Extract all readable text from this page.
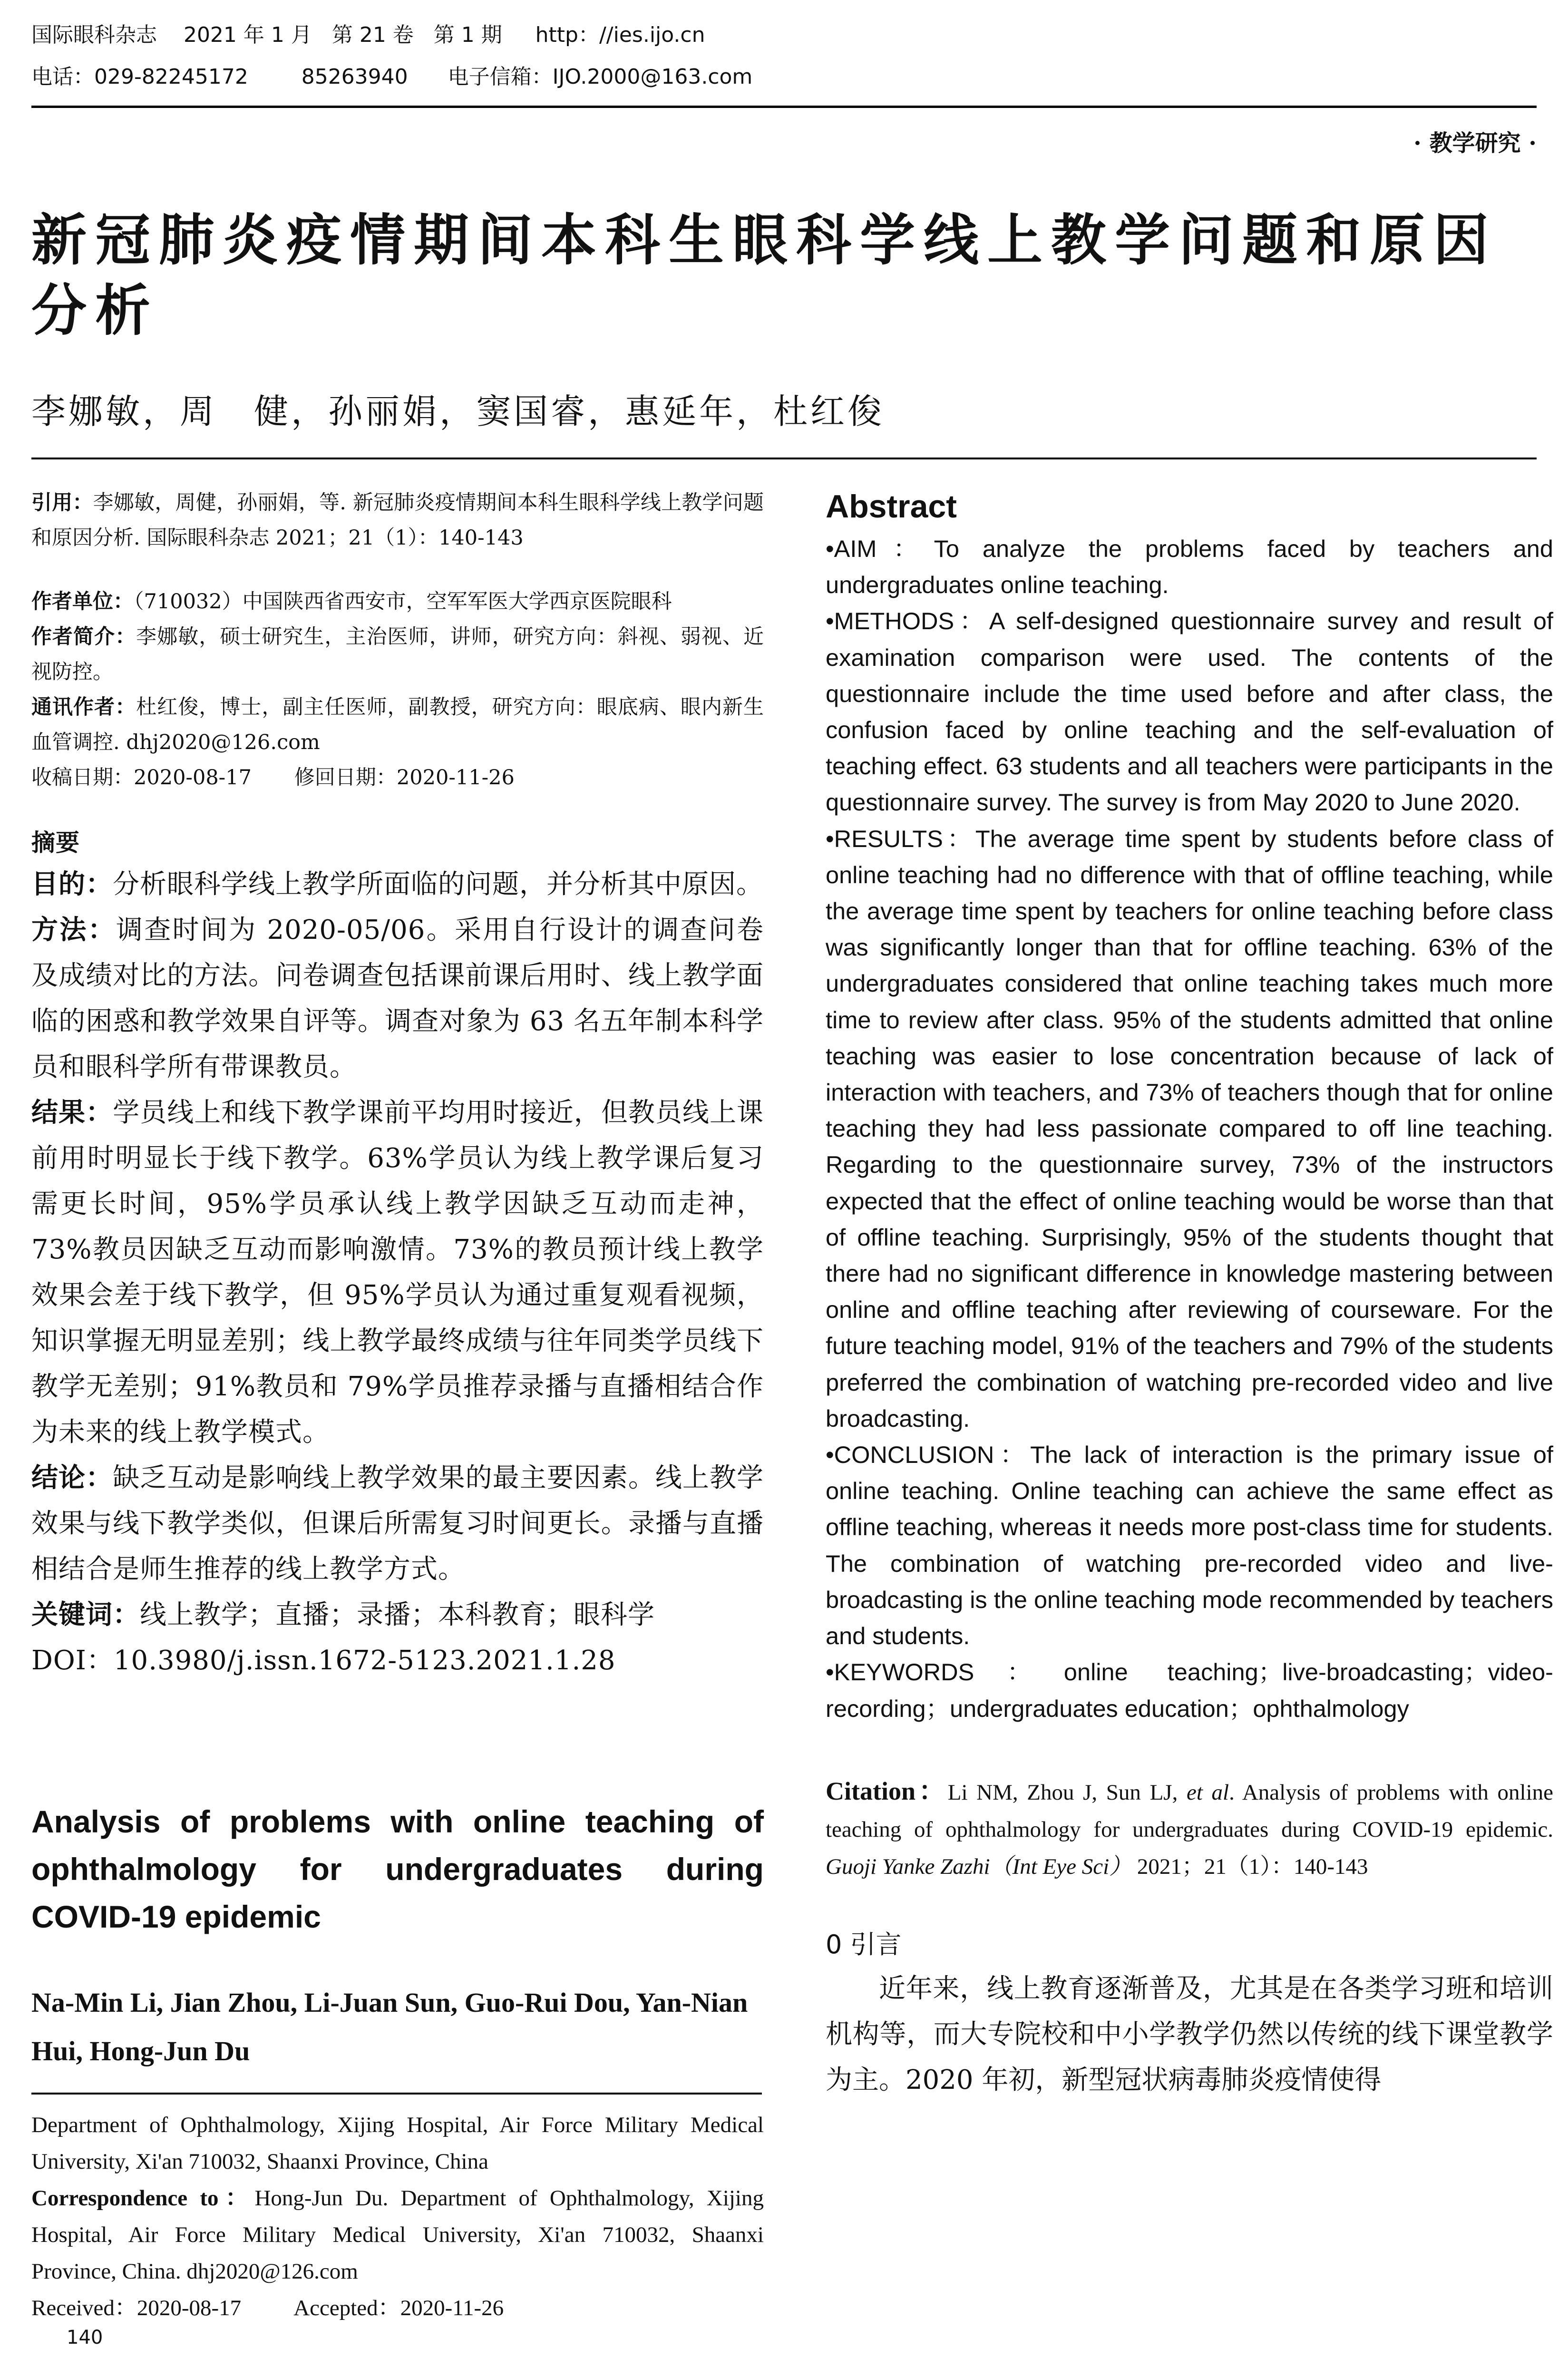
国际眼科杂志    2021 年 1 月   第 21 卷   第 1 期     http：//ies.ijo.cn
电话：029-82245172        85263940      电子信箱：IJO.2000@163.com
· 教学研究 ·
新冠肺炎疫情期间本科生眼科学线上教学问题和原因分析
李娜敏，周　健，孙丽娟，窦国睿，惠延年，杜红俊

引用：李娜敏，周健，孙丽娟，等. 新冠肺炎疫情期间本科生眼科学线上教学问题和原因分析. 国际眼科杂志 2021；21（1）：140-143

作者单位：（710032）中国陕西省西安市，空军军医大学西京医院眼科

作者简介：李娜敏，硕士研究生，主治医师，讲师，研究方向：斜视、弱视、近视防控。

通讯作者：杜红俊，博士，副主任医师，副教授，研究方向：眼底病、眼内新生血管调控. dhj2020@126.com

收稿日期：2020-08-17 修回日期：2020-11-26

摘要

目的：分析眼科学线上教学所面临的问题，并分析其中原因。

方法：调查时间为 2020-05/06。采用自行设计的调查问卷及成绩对比的方法。问卷调查包括课前课后用时、线上教学面临的困惑和教学效果自评等。调查对象为 63 名五年制本科学员和眼科学所有带课教员。

结果：学员线上和线下教学课前平均用时接近，但教员线上课前用时明显长于线下教学。63%学员认为线上教学课后复习需更长时间，95%学员承认线上教学因缺乏互动而走神，73%教员因缺乏互动而影响激情。73%的教员预计线上教学效果会差于线下教学，但 95%学员认为通过重复观看视频，知识掌握无明显差别；线上教学最终成绩与往年同类学员线下教学无差别；91%教员和 79%学员推荐录播与直播相结合作为未来的线上教学模式。

结论：缺乏互动是影响线上教学效果的最主要因素。线上教学效果与线下教学类似，但课后所需复习时间更长。录播与直播相结合是师生推荐的线上教学方式。

关键词：线上教学；直播；录播；本科教育；眼科学

DOI：10.3980/j.issn.1672-5123.2021.1.28

Analysis of problems with online teaching of ophthalmology for undergraduates during COVID-19 epidemic
Na-Min Li, Jian Zhou, Li-Juan Sun, Guo-Rui Dou, Yan-Nian Hui, Hong-Jun Du

Department of Ophthalmology, Xijing Hospital, Air Force Military Medical University, Xi'an 710032, Shaanxi Province, China

Correspondence to：Hong-Jun Du. Department of Ophthalmology, Xijing Hospital, Air Force Military Medical University, Xi'an 710032, Shaanxi Province, China. dhj2020@126.com

Received：2020-08-17 Accepted：2020-11-26

140

Abstract

•AIM：To analyze the problems faced by teachers and undergraduates online teaching.

•METHODS：A self-designed questionnaire survey and result of examination comparison were used. The contents of the questionnaire include the time used before and after class, the confusion faced by online teaching and the self-evaluation of teaching effect. 63 students and all teachers were participants in the questionnaire survey. The survey is from May 2020 to June 2020.

•RESULTS：The average time spent by students before class of online teaching had no difference with that of offline teaching, while the average time spent by teachers for online teaching before class was significantly longer than that for offline teaching. 63% of the undergraduates considered that online teaching takes much more time to review after class. 95% of the students admitted that online teaching was easier to lose concentration because of lack of interaction with teachers, and 73% of teachers though that for online teaching they had less passionate compared to off line teaching. Regarding to the questionnaire survey, 73% of the instructors expected that the effect of online teaching would be worse than that of offline teaching. Surprisingly, 95% of the students thought that there had no significant difference in knowledge mastering between online and offline teaching after reviewing of courseware. For the future teaching model, 91% of the teachers and 79% of the students preferred the combination of watching pre-recorded video and live broadcasting.

•CONCLUSION：The lack of interaction is the primary issue of online teaching. Online teaching can achieve the same effect as offline teaching, whereas it needs more post-class time for students. The combination of watching pre-recorded video and live-broadcasting is the online teaching mode recommended by teachers and students.

•KEYWORDS：online teaching；live-broadcasting；video-recording；undergraduates education；ophthalmology

Citation：Li NM, Zhou J, Sun LJ, et al. Analysis of problems with online teaching of ophthalmology for undergraduates during COVID-19 epidemic. Guoji Yanke Zazhi（Int Eye Sci） 2021；21（1）：140-143

0 引言

近年来，线上教育逐渐普及，尤其是在各类学习班和培训机构等，而大专院校和中小学教学仍然以传统的线下课堂教学为主。2020 年初，新型冠状病毒肺炎疫情使得
